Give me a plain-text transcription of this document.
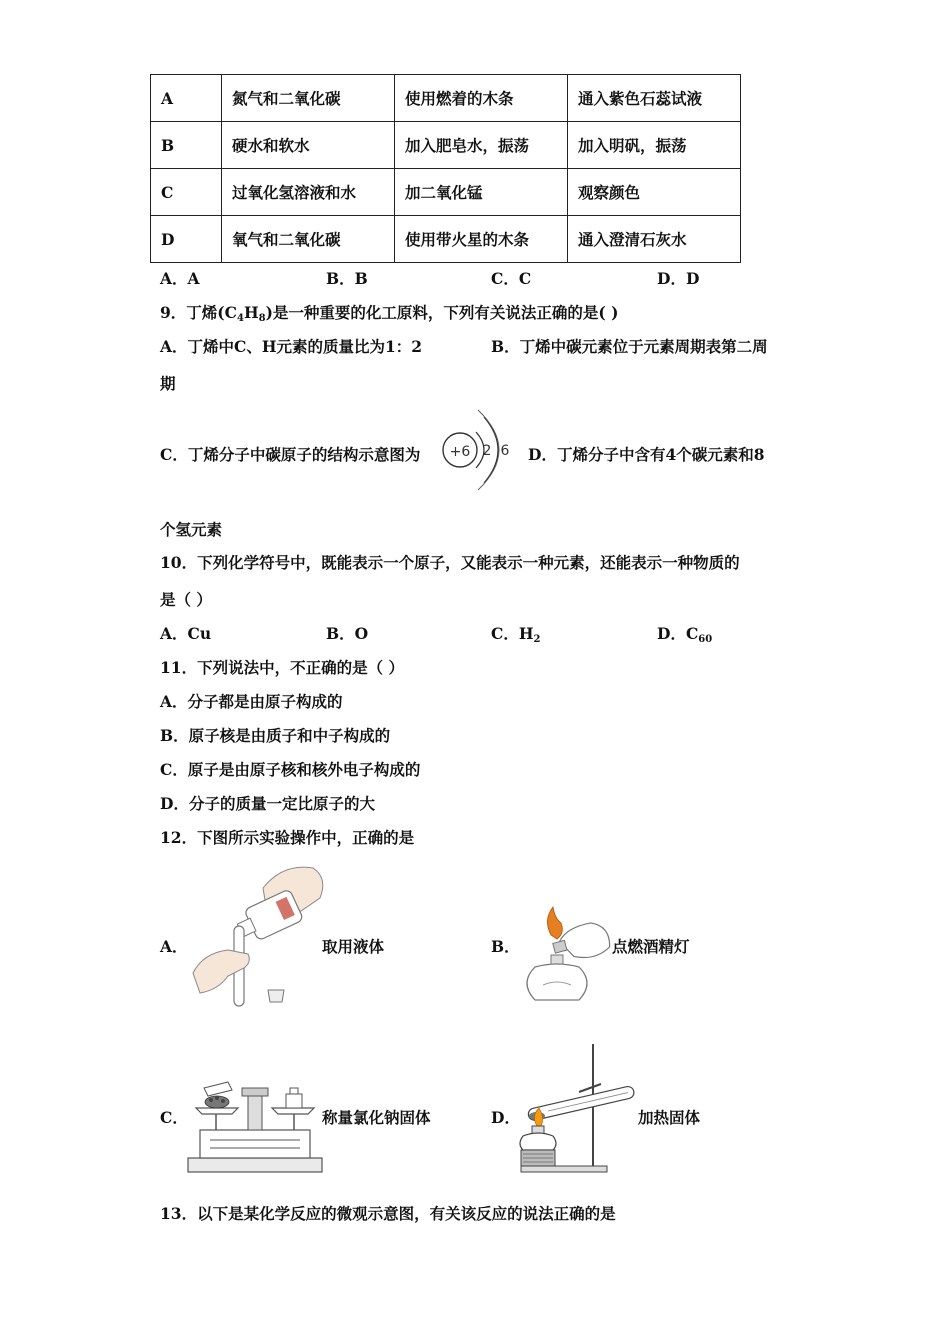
A	氮气和二氧化碳	使用燃着的木条	通入紫色石蕊试液
B	硬水和软水	加入肥皂水，振荡	加入明矾，振荡
C	过氧化氢溶液和水	加二氧化锰	观察颜色
D	氧气和二氧化碳	使用带火星的木条	通入澄清石灰水
A．A	B．B	C．C	D．D
9．丁烯$(C_4H_8)$是一种重要的化工原料，下列有关说法正确的是( )
A．丁烯中C、H元素的质量比为1：2	B．丁烯中碳元素位于元素周期表第二周
期
C．丁烯分子中碳原子的结构示意图为 +6 2 6 D．丁烯分子中含有4个碳元素和8
个氢元素
10．下列化学符号中，既能表示一个原子，又能表示一种元素，还能表示一种物质的
是（ ）
A．Cu	B．O	C．$H_2$	D．$C_{60}$
11．下列说法中，不正确的是（ ）
A．分子都是由原子构成的
B．原子核是由质子和中子构成的
C．原子是由原子核和核外电子构成的
D．分子的质量一定比原子的大
12．下图所示实验操作中，正确的是
A．	取用液体	B．	点燃酒精灯
C．	称量氯化钠固体	D．	加热固体
13．以下是某化学反应的微观示意图，有关该反应的说法正确的是
